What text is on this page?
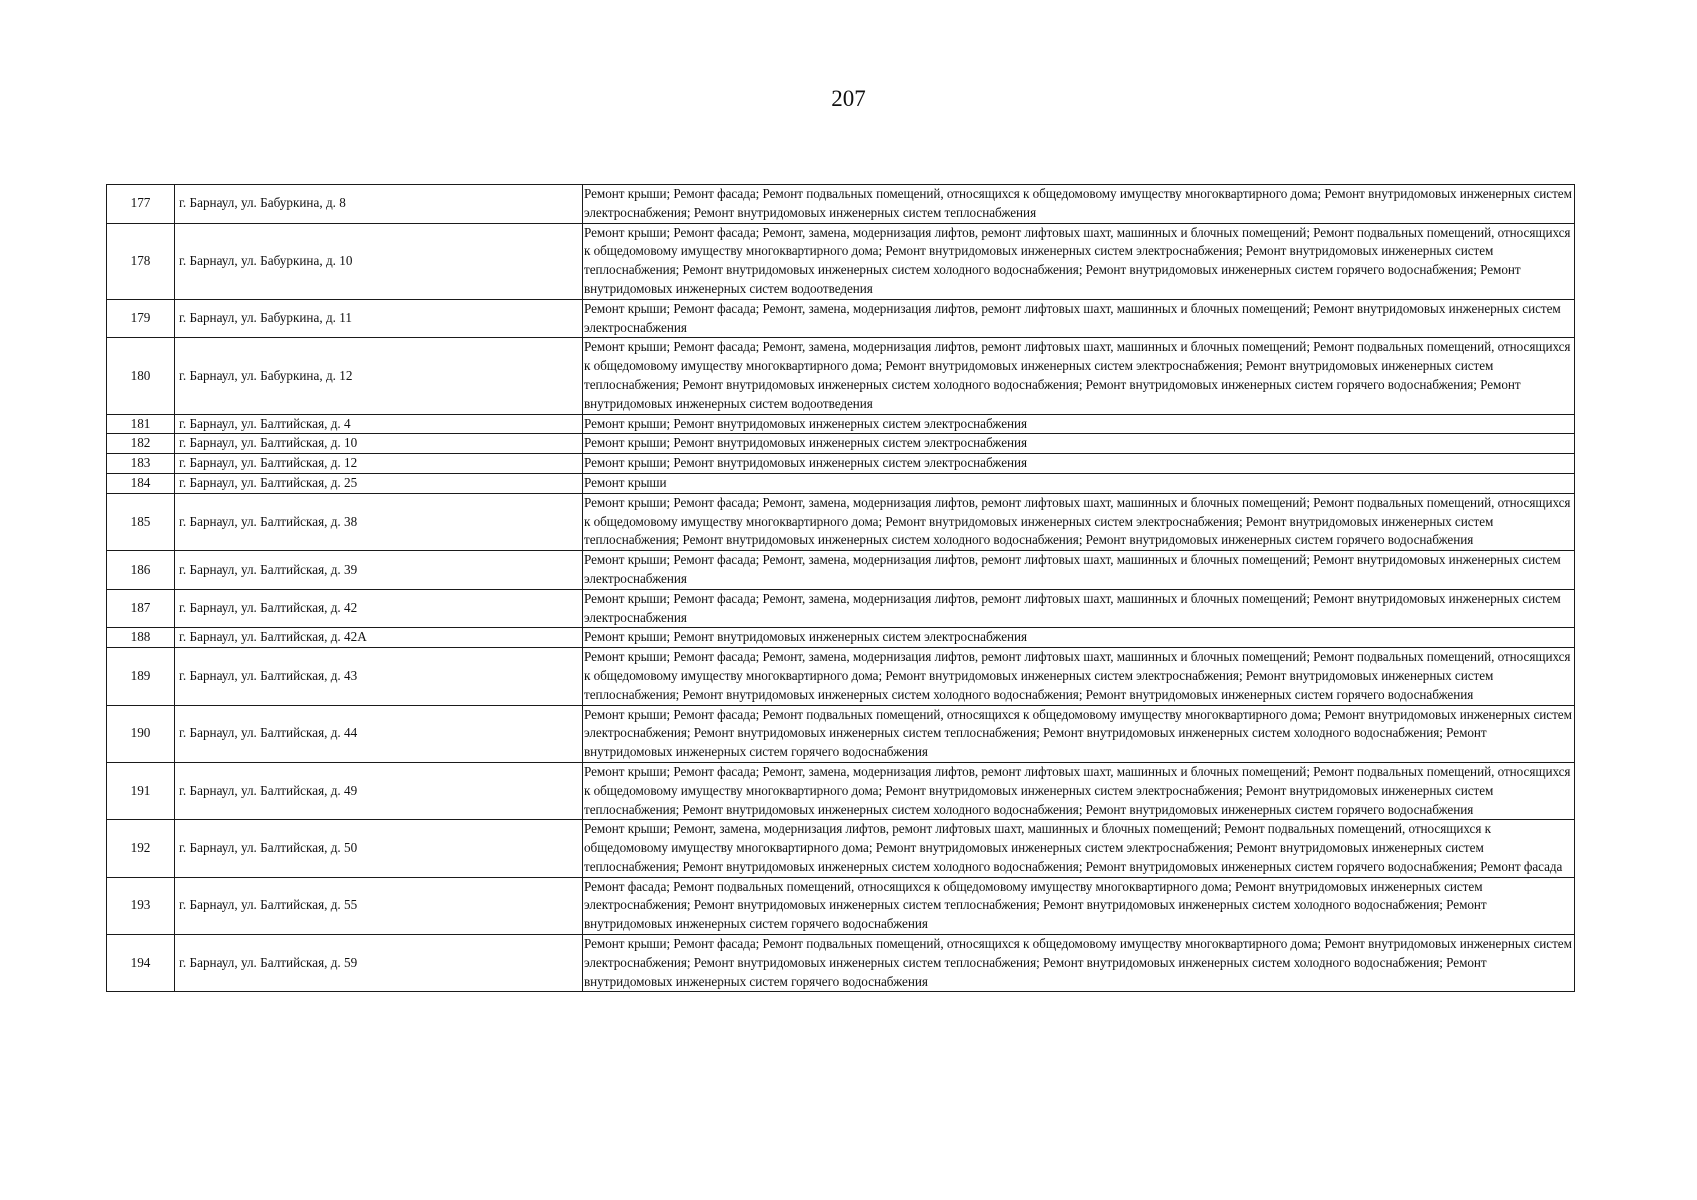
207
177	г. Барнаул, ул. Бабуркина, д. 8	Ремонт крыши; Ремонт фасада; Ремонт подвальных помещений, относящихся к общедомовому имуществу многоквартирного дома; Ремонт внутридомовых инженерных систем электроснабжения; Ремонт внутридомовых инженерных систем теплоснабжения
178	г. Барнаул, ул. Бабуркина, д. 10	Ремонт крыши; Ремонт фасада; Ремонт, замена, модернизация лифтов, ремонт лифтовых шахт, машинных и блочных помещений; Ремонт подвальных помещений, относящихся к общедомовому имуществу многоквартирного дома; Ремонт внутридомовых инженерных систем электроснабжения; Ремонт внутридомовых инженерных систем теплоснабжения; Ремонт внутридомовых инженерных систем холодного водоснабжения; Ремонт внутридомовых инженерных систем горячего водоснабжения; Ремонт внутридомовых инженерных систем водоотведения
179	г. Барнаул, ул. Бабуркина, д. 11	Ремонт крыши; Ремонт фасада; Ремонт, замена, модернизация лифтов, ремонт лифтовых шахт, машинных и блочных помещений; Ремонт внутридомовых инженерных систем электроснабжения
180	г. Барнаул, ул. Бабуркина, д. 12	Ремонт крыши; Ремонт фасада; Ремонт, замена, модернизация лифтов, ремонт лифтовых шахт, машинных и блочных помещений; Ремонт подвальных помещений, относящихся к общедомовому имуществу многоквартирного дома; Ремонт внутридомовых инженерных систем электроснабжения; Ремонт внутридомовых инженерных систем теплоснабжения; Ремонт внутридомовых инженерных систем холодного водоснабжения; Ремонт внутридомовых инженерных систем горячего водоснабжения; Ремонт внутридомовых инженерных систем водоотведения
181	г. Барнаул, ул. Балтийская, д. 4	Ремонт крыши; Ремонт внутридомовых инженерных систем электроснабжения
182	г. Барнаул, ул. Балтийская, д. 10	Ремонт крыши; Ремонт внутридомовых инженерных систем электроснабжения
183	г. Барнаул, ул. Балтийская, д. 12	Ремонт крыши; Ремонт внутридомовых инженерных систем электроснабжения
184	г. Барнаул, ул. Балтийская, д. 25	Ремонт крыши
185	г. Барнаул, ул. Балтийская, д. 38	Ремонт крыши; Ремонт фасада; Ремонт, замена, модернизация лифтов, ремонт лифтовых шахт, машинных и блочных помещений; Ремонт подвальных помещений, относящихся к общедомовому имуществу многоквартирного дома; Ремонт внутридомовых инженерных систем электроснабжения; Ремонт внутридомовых инженерных систем теплоснабжения; Ремонт внутридомовых инженерных систем холодного водоснабжения; Ремонт внутридомовых инженерных систем горячего водоснабжения
186	г. Барнаул, ул. Балтийская, д. 39	Ремонт крыши; Ремонт фасада; Ремонт, замена, модернизация лифтов, ремонт лифтовых шахт, машинных и блочных помещений; Ремонт внутридомовых инженерных систем электроснабжения
187	г. Барнаул, ул. Балтийская, д. 42	Ремонт крыши; Ремонт фасада; Ремонт, замена, модернизация лифтов, ремонт лифтовых шахт, машинных и блочных помещений; Ремонт внутридомовых инженерных систем электроснабжения
188	г. Барнаул, ул. Балтийская, д. 42А	Ремонт крыши; Ремонт внутридомовых инженерных систем электроснабжения
189	г. Барнаул, ул. Балтийская, д. 43	Ремонт крыши; Ремонт фасада; Ремонт, замена, модернизация лифтов, ремонт лифтовых шахт, машинных и блочных помещений; Ремонт подвальных помещений, относящихся к общедомовому имуществу многоквартирного дома; Ремонт внутридомовых инженерных систем электроснабжения; Ремонт внутридомовых инженерных систем теплоснабжения; Ремонт внутридомовых инженерных систем холодного водоснабжения; Ремонт внутридомовых инженерных систем горячего водоснабжения
190	г. Барнаул, ул. Балтийская, д. 44	Ремонт крыши; Ремонт фасада; Ремонт подвальных помещений, относящихся к общедомовому имуществу многоквартирного дома; Ремонт внутридомовых инженерных систем электроснабжения; Ремонт внутридомовых инженерных систем теплоснабжения; Ремонт внутридомовых инженерных систем холодного водоснабжения; Ремонт внутридомовых инженерных систем горячего водоснабжения
191	г. Барнаул, ул. Балтийская, д. 49	Ремонт крыши; Ремонт фасада; Ремонт, замена, модернизация лифтов, ремонт лифтовых шахт, машинных и блочных помещений; Ремонт подвальных помещений, относящихся к общедомовому имуществу многоквартирного дома; Ремонт внутридомовых инженерных систем электроснабжения; Ремонт внутридомовых инженерных систем теплоснабжения; Ремонт внутридомовых инженерных систем холодного водоснабжения; Ремонт внутридомовых инженерных систем горячего водоснабжения
192	г. Барнаул, ул. Балтийская, д. 50	Ремонт крыши; Ремонт, замена, модернизация лифтов, ремонт лифтовых шахт, машинных и блочных помещений; Ремонт подвальных помещений, относящихся к общедомовому имуществу многоквартирного дома; Ремонт внутридомовых инженерных систем электроснабжения; Ремонт внутридомовых инженерных систем теплоснабжения; Ремонт внутридомовых инженерных систем холодного водоснабжения; Ремонт внутридомовых инженерных систем горячего водоснабжения; Ремонт фасада
193	г. Барнаул, ул. Балтийская, д. 55	Ремонт фасада; Ремонт подвальных помещений, относящихся к общедомовому имуществу многоквартирного дома; Ремонт внутридомовых инженерных систем электроснабжения; Ремонт внутридомовых инженерных систем теплоснабжения; Ремонт внутридомовых инженерных систем холодного водоснабжения; Ремонт внутридомовых инженерных систем горячего водоснабжения
194	г. Барнаул, ул. Балтийская, д. 59	Ремонт крыши; Ремонт фасада; Ремонт подвальных помещений, относящихся к общедомовому имуществу многоквартирного дома; Ремонт внутридомовых инженерных систем электроснабжения; Ремонт внутридомовых инженерных систем теплоснабжения; Ремонт внутридомовых инженерных систем холодного водоснабжения; Ремонт внутридомовых инженерных систем горячего водоснабжения
